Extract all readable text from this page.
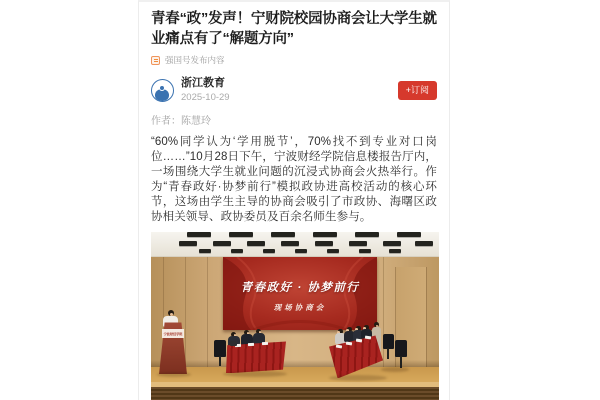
青春“政”发声！宁财院校园协商会让大学生就业痛点有了“解题方向”
强国号发布内容
浙江教育
2025-10-29
+订阅
作者：陈慧玲

“60%同学认为‘学用脱节’，70%找不到专业对口岗位……”10月28日下午，宁波财经学院信息楼报告厅内，一场围绕大学生就业问题的沉浸式协商会火热举行。作为“青春政好·协梦前行”模拟政协进高校活动的核心环节，这场由学生主导的协商会吸引了市政协、海曙区政协相关领导、政协委员及百余名师生参与。

青春政好 · 协梦前行
现场协商会
宁波财经学院
